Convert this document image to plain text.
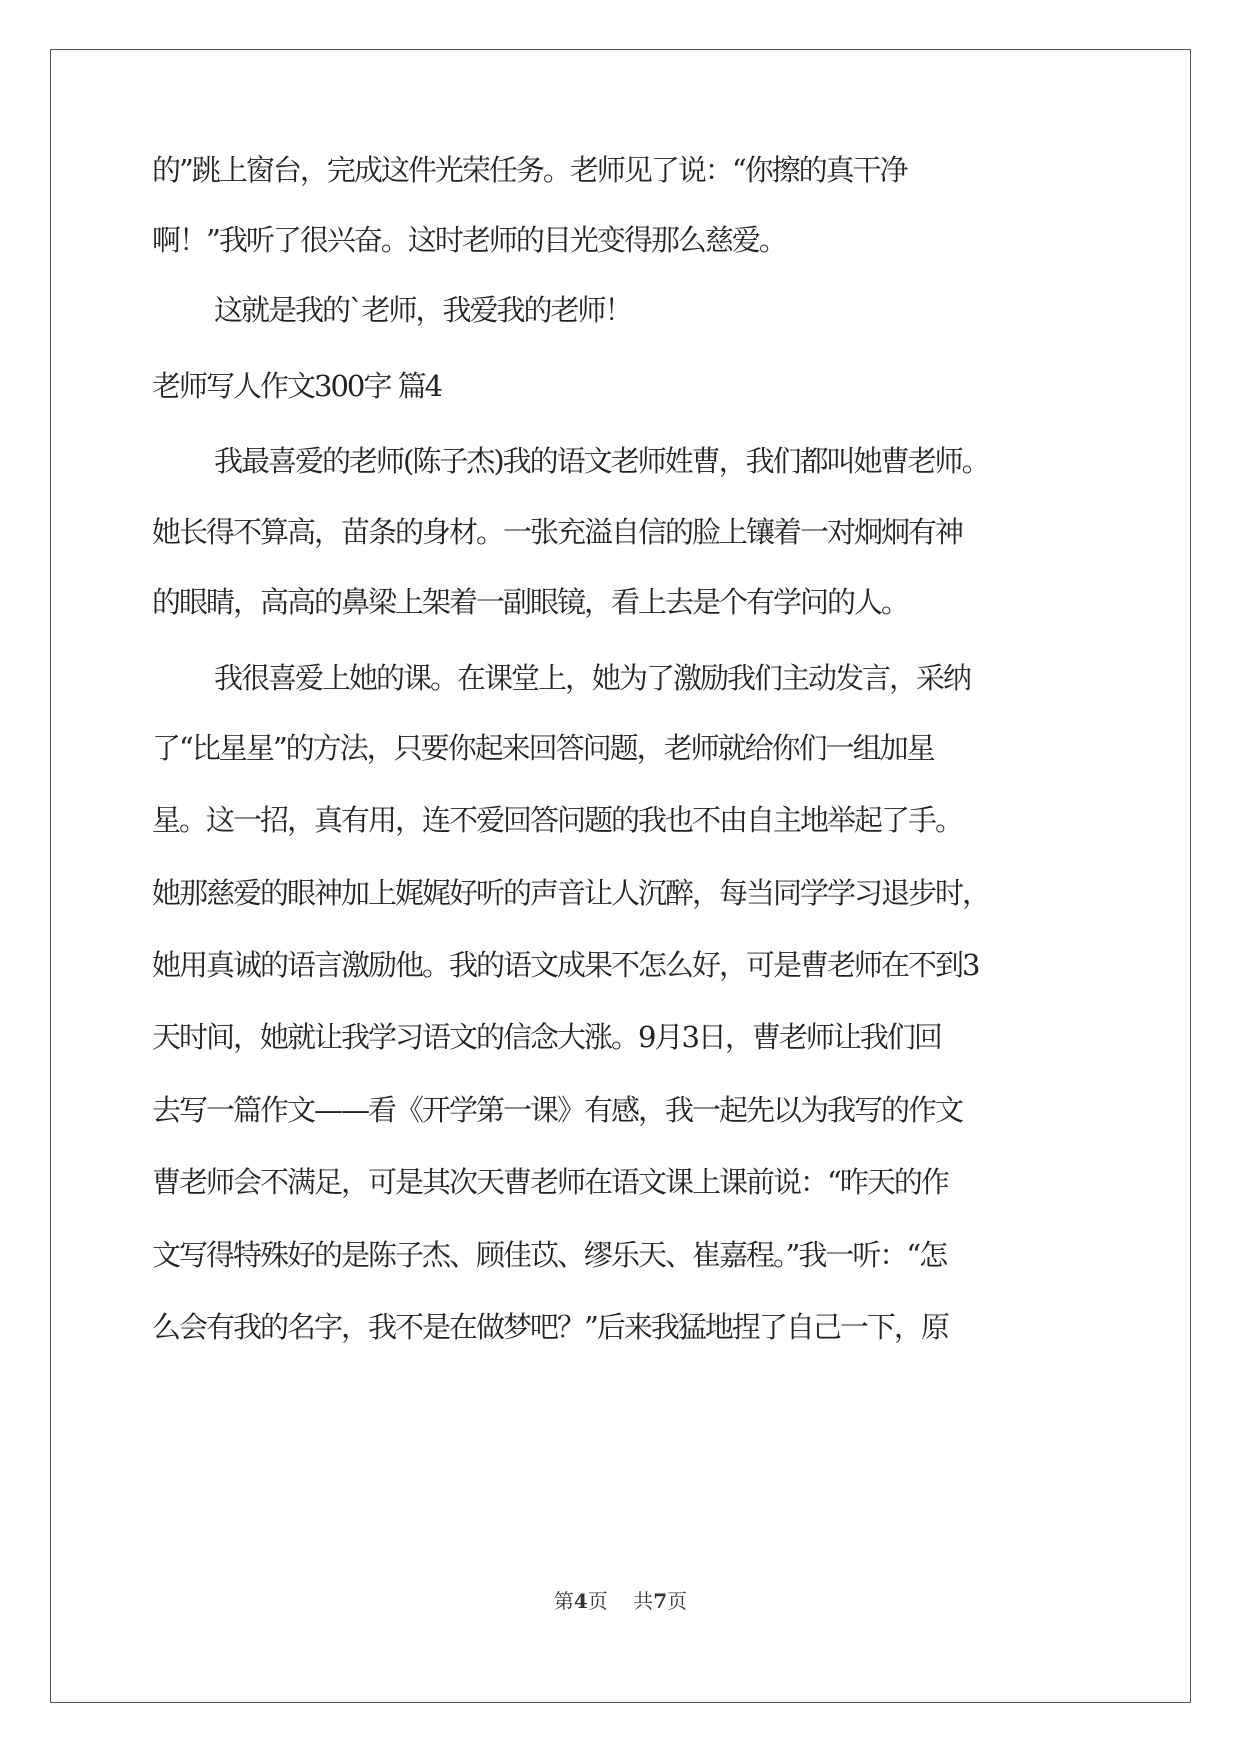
的”跳上窗台，完成这件光荣任务。老师见了说：“你擦的真干净

啊！”我听了很兴奋。这时老师的目光变得那么慈爱。

这就是我的`老师，我爱我的老师！

老师写人作文300字 篇4

我最喜爱的老师(陈子杰)我的语文老师姓曹，我们都叫她曹老师。

她长得不算高，苗条的身材。一张充溢自信的脸上镶着一对炯炯有神

的眼睛，高高的鼻梁上架着一副眼镜，看上去是个有学问的人。

我很喜爱上她的课。在课堂上，她为了激励我们主动发言，采纳

了“比星星”的方法，只要你起来回答问题，老师就给你们一组加星

星。这一招，真有用，连不爱回答问题的我也不由自主地举起了手。

她那慈爱的眼神加上娓娓好听的声音让人沉醉，每当同学学习退步时，

她用真诚的语言激励他。我的语文成果不怎么好，可是曹老师在不到3

天时间，她就让我学习语文的信念大涨。9月3日，曹老师让我们回

去写一篇作文——看《开学第一课》有感，我一起先以为我写的作文

曹老师会不满足，可是其次天曹老师在语文课上课前说：“昨天的作

文写得特殊好的是陈子杰、顾佳苡、缪乐天、崔嘉程。”我一听：“怎

么会有我的名字，我不是在做梦吧？”后来我猛地捏了自己一下，原

第4页    共7页
